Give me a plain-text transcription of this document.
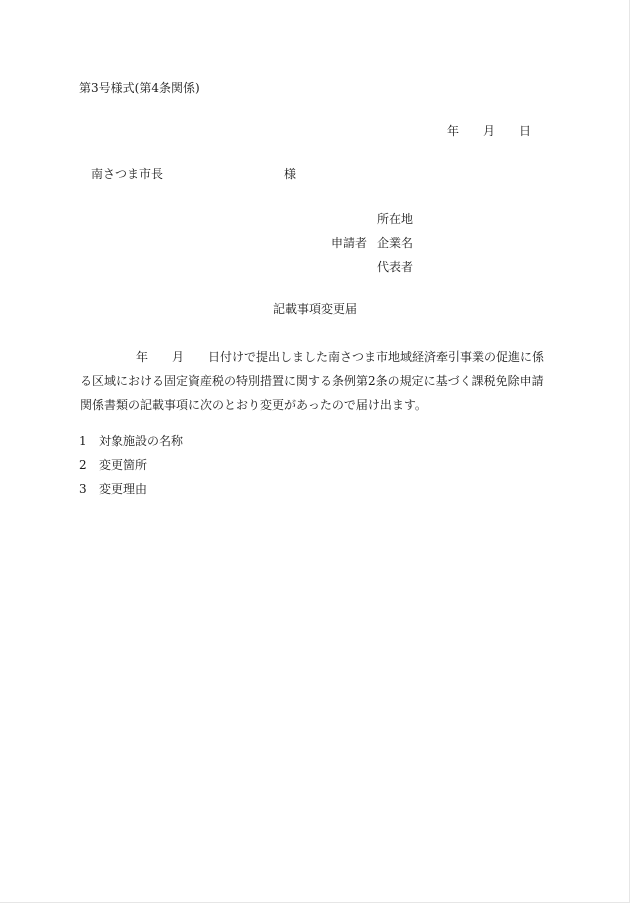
第3号様式(第4条関係)
年 月 日
南さつま市長	様
所在地
申請者 企業名
代表者
記載事項変更届
年 月 日付けで提出しました南さつま市地域経済牽引事業の促進に係る区域における固定資産税の特別措置に関する条例第2条の規定に基づく課税免除申請関係書類の記載事項に次のとおり変更があったので届け出ます。
1 対象施設の名称
2 変更箇所
3 変更理由
